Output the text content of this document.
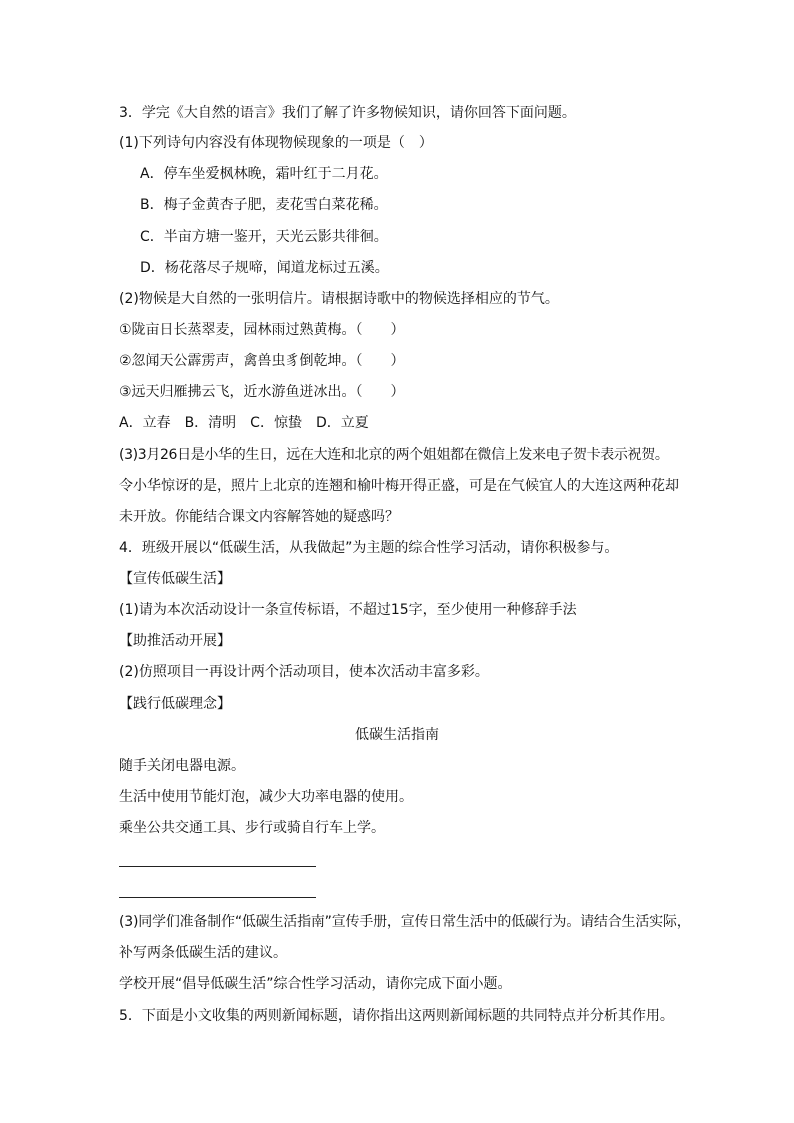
3．学完《大自然的语言》我们了解了许多物候知识，请你回答下面问题。
(1)下列诗句内容没有体现物候现象的一项是（　）
A．停车坐爱枫林晚，霜叶红于二月花。
B．梅子金黄杏子肥，麦花雪白菜花稀。
C．半亩方塘一鉴开，天光云影共徘徊。
D．杨花落尽子规啼，闻道龙标过五溪。
(2)物候是大自然的一张明信片。请根据诗歌中的物候选择相应的节气。
①陇亩日长蒸翠麦，园林雨过熟黄梅。（　　）
②忽闻天公霹雳声，禽兽虫豸倒乾坤。（　　）
③远天归雁拂云飞，近水游鱼迸冰出。（　　）
A．立春　B．清明　C．惊蛰　D．立夏
(3)3月26日是小华的生日，远在大连和北京的两个姐姐都在微信上发来电子贺卡表示祝贺。
令小华惊讶的是，照片上北京的连翘和榆叶梅开得正盛，可是在气候宜人的大连这两种花却
未开放。你能结合课文内容解答她的疑惑吗？
4．班级开展以“低碳生活，从我做起”为主题的综合性学习活动，请你积极参与。
【宣传低碳生活】
(1)请为本次活动设计一条宣传标语，不超过15字，至少使用一种修辞手法
【助推活动开展】
(2)仿照项目一再设计两个活动项目，使本次活动丰富多彩。
【践行低碳理念】
低碳生活指南
随手关闭电器电源。
生活中使用节能灯泡，减少大功率电器的使用。
乘坐公共交通工具、步行或骑自行车上学。
(3)同学们准备制作“低碳生活指南”宣传手册，宣传日常生活中的低碳行为。请结合生活实际，
补写两条低碳生活的建议。
学校开展“倡导低碳生活”综合性学习活动，请你完成下面小题。
5．下面是小文收集的两则新闻标题，请你指出这两则新闻标题的共同特点并分析其作用。
